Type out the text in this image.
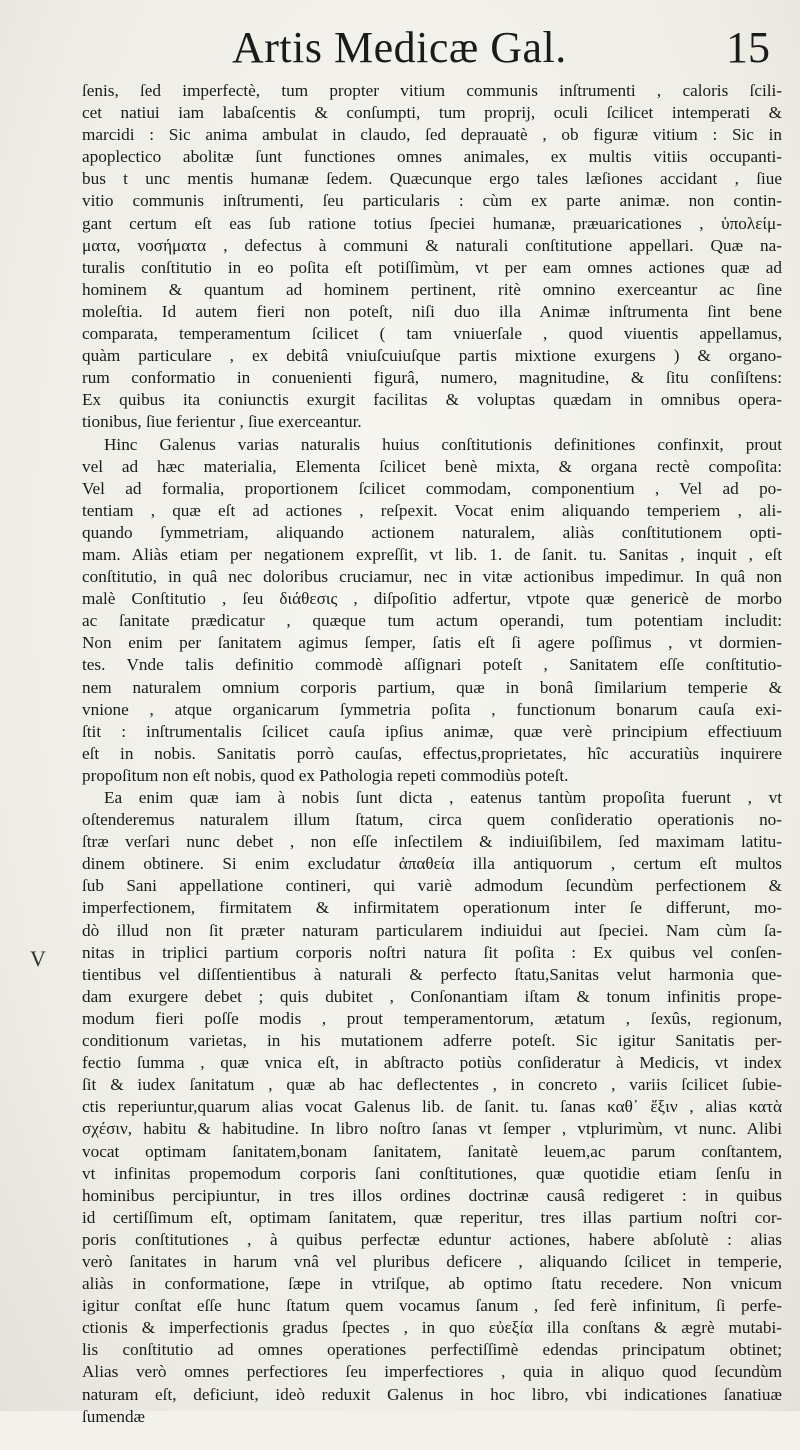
Artis Medicæ Gal.	15
V
ſenis, ſed imperfectè, tum propter vitium communis inſtrumenti , caloris ſcili-
cet natiui iam labaſcentis & conſumpti, tum proprij, oculi ſcilicet intemperati &
marcidi : Sic anima ambulat in claudo, ſed deprauatè , ob figuræ vitium : Sic in
apoplectico abolitæ ſunt functiones omnes animales, ex multis vitiis occupanti-
bus t unc mentis humanæ ſedem. Quæcunque ergo tales læſiones accidant , ſiue
vitio communis inſtrumenti, ſeu particularis : cùm ex parte animæ. non contin-
gant certum eſt eas ſub ratione totius ſpeciei humanæ, præuaricationes , ὑπολείμ-
ματα, νοσήματα , defectus à communi & naturali conſtitutione appellari. Quæ na-
turalis conſtitutio in eo poſita eſt potiſſimùm, vt per eam omnes actiones quæ ad
hominem & quantum ad hominem pertinent, ritè omnino exerceantur ac ſine
moleſtia. Id autem fieri non poteſt, niſi duo illa Animæ inſtrumenta ſint bene
comparata, temperamentum ſcilicet ( tam vniuerſale , quod viuentis appellamus,
quàm particulare , ex debitâ vniuſcuiuſque partis mixtione exurgens ) & organo-
rum conformatio in conuenienti figurâ, numero, magnitudine, & ſitu conſiſtens:
Ex quibus ita coniunctis exurgit facilitas & voluptas quædam in omnibus opera-
tionibus, ſiue ferientur , ſiue exerceantur.
Hinc Galenus varias naturalis huius conſtitutionis definitiones confinxit, prout
vel ad hæc materialia, Elementa ſcilicet benè mixta, & organa rectè compoſita:
Vel ad formalia, proportionem ſcilicet commodam, componentium , Vel ad po-
tentiam , quæ eſt ad actiones , reſpexit. Vocat enim aliquando temperiem , ali-
quando ſymmetriam, aliquando actionem naturalem, aliàs conſtitutionem opti-
mam. Aliàs etiam per negationem expreſſit, vt lib. 1. de ſanit. tu. Sanitas , inquit , eſt
conſtitutio, in quâ nec doloribus cruciamur, nec in vitæ actionibus impedimur. In quâ non
malè Conſtitutio , ſeu διάθεσις , diſpoſitio adfertur, vtpote quæ genericè de morbo
ac ſanitate prædicatur , quæque tum actum operandi, tum potentiam includit:
Non enim per ſanitatem agimus ſemper, ſatis eſt ſi agere poſſimus , vt dormien-
tes. Vnde talis definitio commodè aſſignari poteſt , Sanitatem eſſe conſtitutio-
nem naturalem omnium corporis partium, quæ in bonâ ſimilarium temperie &
vnione , atque organicarum ſymmetria poſita , functionum bonarum cauſa exi-
ſtit : inſtrumentalis ſcilicet cauſa ipſius animæ, quæ verè principium effectiuum
eſt in nobis. Sanitatis porrò cauſas, effectus,proprietates, hîc accuratiùs inquirere
propoſitum non eſt nobis, quod ex Pathologia repeti commodiùs poteſt.
Ea enim quæ iam à nobis ſunt dicta , eatenus tantùm propoſita fuerunt , vt
oſtenderemus naturalem illum ſtatum, circa quem conſideratio operationis no-
ſtræ verſari nunc debet , non eſſe inſectilem & indiuiſibilem, ſed maximam latitu-
dinem obtinere. Si enim excludatur ἀπαθεία illa antiquorum , certum eſt multos
ſub Sani appellatione contineri, qui variè admodum ſecundùm perfectionem &
imperfectionem, firmitatem & infirmitatem operationum inter ſe differunt, mo-
dò illud non ſit præter naturam particularem indiuidui aut ſpeciei. Nam cùm ſa-
nitas in triplici partium corporis noſtri natura ſit poſita : Ex quibus vel conſen-
tientibus vel diſſentientibus à naturali & perfecto ſtatu,Sanitas velut harmonia que-
dam exurgere debet ; quis dubitet , Conſonantiam iſtam & tonum infinitis prope-
modum fieri poſſe modis , prout temperamentorum, ætatum , ſexûs, regionum,
conditionum varietas, in his mutationem adferre poteſt. Sic igitur Sanitatis per-
fectio ſumma , quæ vnica eſt, in abſtracto potiùs conſideratur à Medicis, vt index
ſit & iudex ſanitatum , quæ ab hac deflectentes , in concreto , variis ſcilicet ſubie-
ctis reperiuntur,quarum alias vocat Galenus lib. de ſanit. tu. ſanas καθ᾿ ἕξιν , alias κατὰ
σχέσιν, habitu & habitudine. In libro noſtro ſanas vt ſemper , vtplurimùm, vt nunc. Alibi
vocat optimam ſanitatem,bonam ſanitatem, ſanitatè leuem,ac parum conſtantem,
vt infinitas propemodum corporis ſani conſtitutiones, quæ quotidie etiam ſenſu in
hominibus percipiuntur, in tres illos ordines doctrinæ causâ redigeret : in quibus
id certiſſimum eſt, optimam ſanitatem, quæ reperitur, tres illas partium noſtri cor-
poris conſtitutiones , à quibus perfectæ eduntur actiones, habere abſolutè : alias
verò ſanitates in harum vnâ vel pluribus deficere , aliquando ſcilicet in temperie,
aliàs in conformatione, ſæpe in vtriſque, ab optimo ſtatu recedere. Non vnicum
igitur conſtat eſſe hunc ſtatum quem vocamus ſanum , ſed ferè infinitum, ſi perfe-
ctionis & imperfectionis gradus ſpectes , in quo εὐεξία illa conſtans & ægrè mutabi-
lis conſtitutio ad omnes operationes perfectiſſimè edendas principatum obtinet;
Alias verò omnes perfectiores ſeu imperfectiores , quia in aliquo quod ſecundùm
naturam eſt, deficiunt, ideò reduxit Galenus in hoc libro, vbi indicationes ſanatiuæ
ſumendæ
